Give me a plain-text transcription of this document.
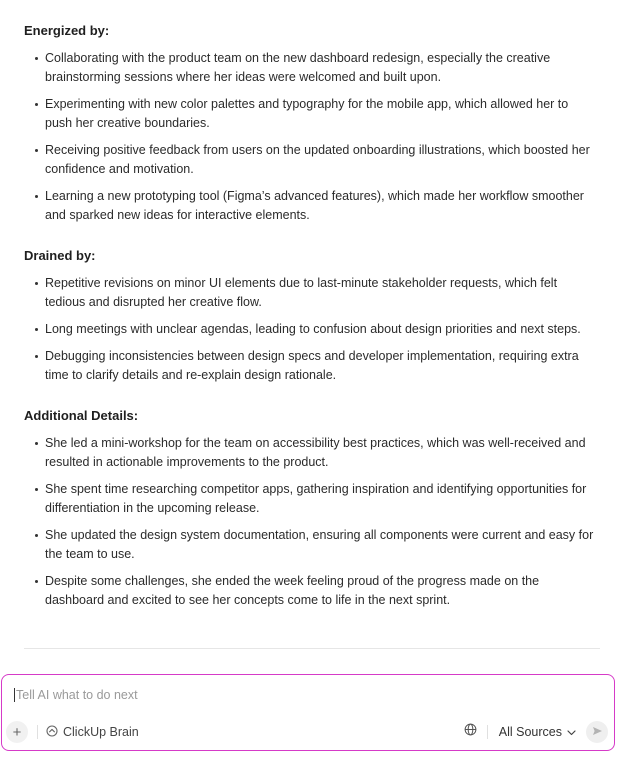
Energized by:
Collaborating with the product team on the new dashboard redesign, especially the creative brainstorming sessions where her ideas were welcomed and built upon.
Experimenting with new color palettes and typography for the mobile app, which allowed her to push her creative boundaries.
Receiving positive feedback from users on the updated onboarding illustrations, which boosted her confidence and motivation.
Learning a new prototyping tool (Figma’s advanced features), which made her workflow smoother and sparked new ideas for interactive elements.
Drained by:
Repetitive revisions on minor UI elements due to last-minute stakeholder requests, which felt tedious and disrupted her creative flow.
Long meetings with unclear agendas, leading to confusion about design priorities and next steps.
Debugging inconsistencies between design specs and developer implementation, requiring extra time to clarify details and re-explain design rationale.
Additional Details:
She led a mini-workshop for the team on accessibility best practices, which was well-received and resulted in actionable improvements to the product.
She spent time researching competitor apps, gathering inspiration and identifying opportunities for differentiation in the upcoming release.
She updated the design system documentation, ensuring all components were current and easy for the team to use.
Despite some challenges, she ended the week feeling proud of the progress made on the dashboard and excited to see her concepts come to life in the next sprint.
Tell AI what to do next
+	ClickUp Brain	All Sources
